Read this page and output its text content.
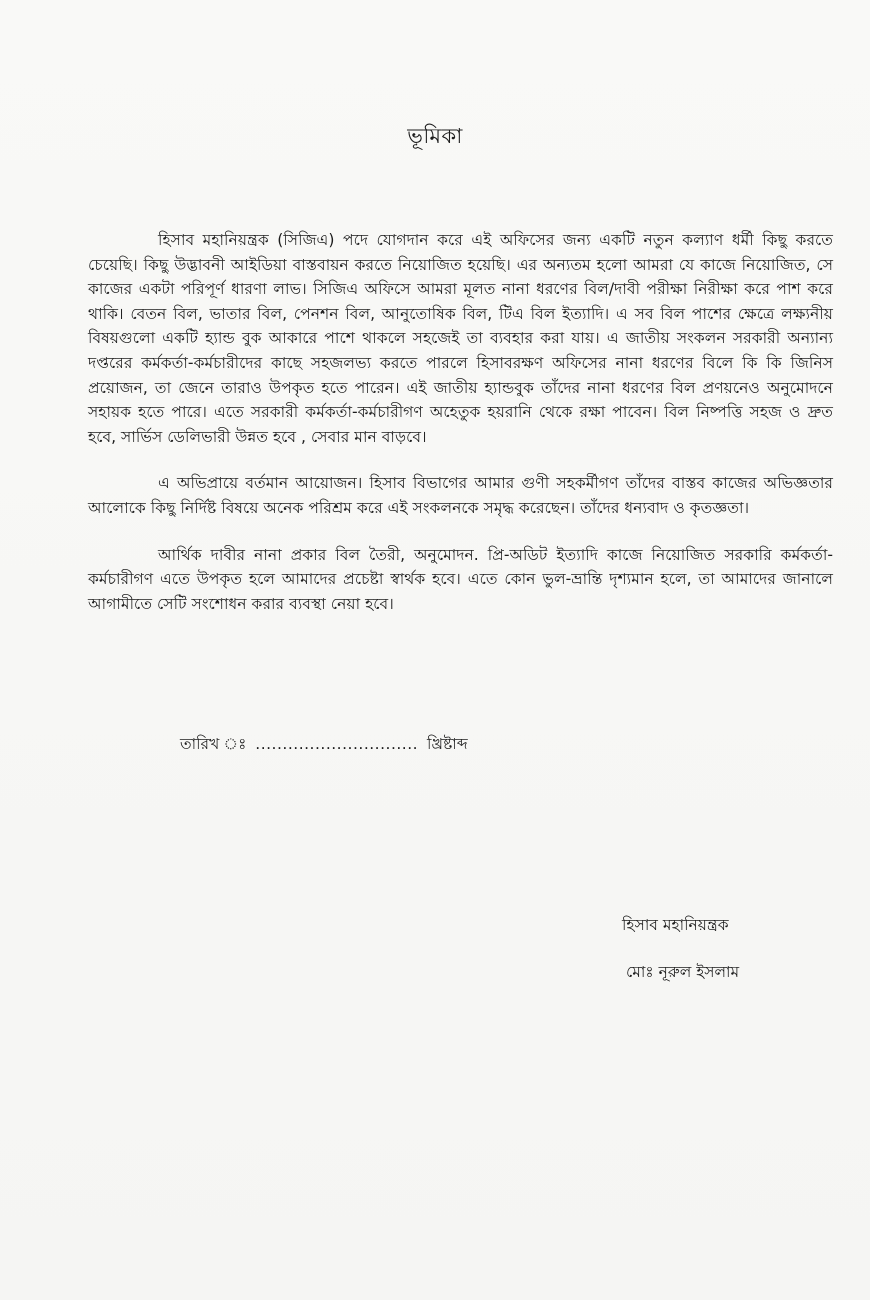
ভূমিকা

হিসাব মহানিয়ন্ত্রক (সিজিএ) পদে যোগদান করে এই অফিসের জন্য একটি নতুন কল্যাণ ধর্মী কিছু করতে চেয়েছি। কিছু উদ্ভাবনী আইডিয়া বাস্তবায়ন করতে নিয়োজিত হয়েছি। এর অন্যতম হলো আমরা যে কাজে নিয়োজিত, সে কাজের একটা পরিপূর্ণ ধারণা লাভ। সিজিএ অফিসে আমরা মূলত নানা ধরণের বিল/দাবী পরীক্ষা নিরীক্ষা করে পাশ করে থাকি। বেতন বিল, ভাতার বিল, পেনশন বিল, আনুতোষিক বিল, টিএ বিল ইত্যাদি। এ সব বিল পাশের ক্ষেত্রে লক্ষ্যনীয় বিষয়গুলো একটি হ্যান্ড বুক আকারে পাশে থাকলে সহজেই তা ব্যবহার করা যায়। এ জাতীয় সংকলন সরকারী অন্যান্য দপ্তরের কর্মকর্তা-কর্মচারীদের কাছে সহজলভ্য করতে পারলে হিসাবরক্ষণ অফিসের নানা ধরণের বিলে কি কি জিনিস প্রয়োজন, তা জেনে তারাও উপকৃত হতে পারেন। এই জাতীয় হ্যান্ডবুক তাঁদের নানা ধরণের বিল প্রণয়নেও অনুমোদনে সহায়ক হতে পারে। এতে সরকারী কর্মকর্তা-কর্মচারীগণ অহেতুক হয়রানি থেকে রক্ষা পাবেন। বিল নিষ্পত্তি সহজ ও দ্রুত হবে, সার্ভিস ডেলিভারী উন্নত হবে , সেবার মান বাড়বে।

এ অভিপ্রায়ে বর্তমান আয়োজন। হিসাব বিভাগের আমার গুণী সহকর্মীগণ তাঁদের বাস্তব কাজের অভিজ্ঞতার আলোকে কিছু নির্দিষ্ট বিষয়ে অনেক পরিশ্রম করে এই সংকলনকে সমৃদ্ধ করেছেন। তাঁদের ধন্যবাদ ও কৃতজ্ঞতা।

আর্থিক দাবীর নানা প্রকার বিল তৈরী, অনুমোদন. প্রি-অডিট ইত্যাদি কাজে নিয়োজিত সরকারি কর্মকর্তা-কর্মচারীগণ এতে উপকৃত হলে আমাদের প্রচেষ্টা স্বার্থক হবে। এতে কোন ভুল-ভ্রান্তি দৃশ্যমান হলে, তা আমাদের জানালে আগামীতে সেটি সংশোধন করার ব্যবস্থা নেয়া হবে।

তারিখ ঃ .............................. খ্রিষ্টাব্দ
হিসাব মহানিয়ন্ত্রক
মোঃ নূরুল ইসলাম
